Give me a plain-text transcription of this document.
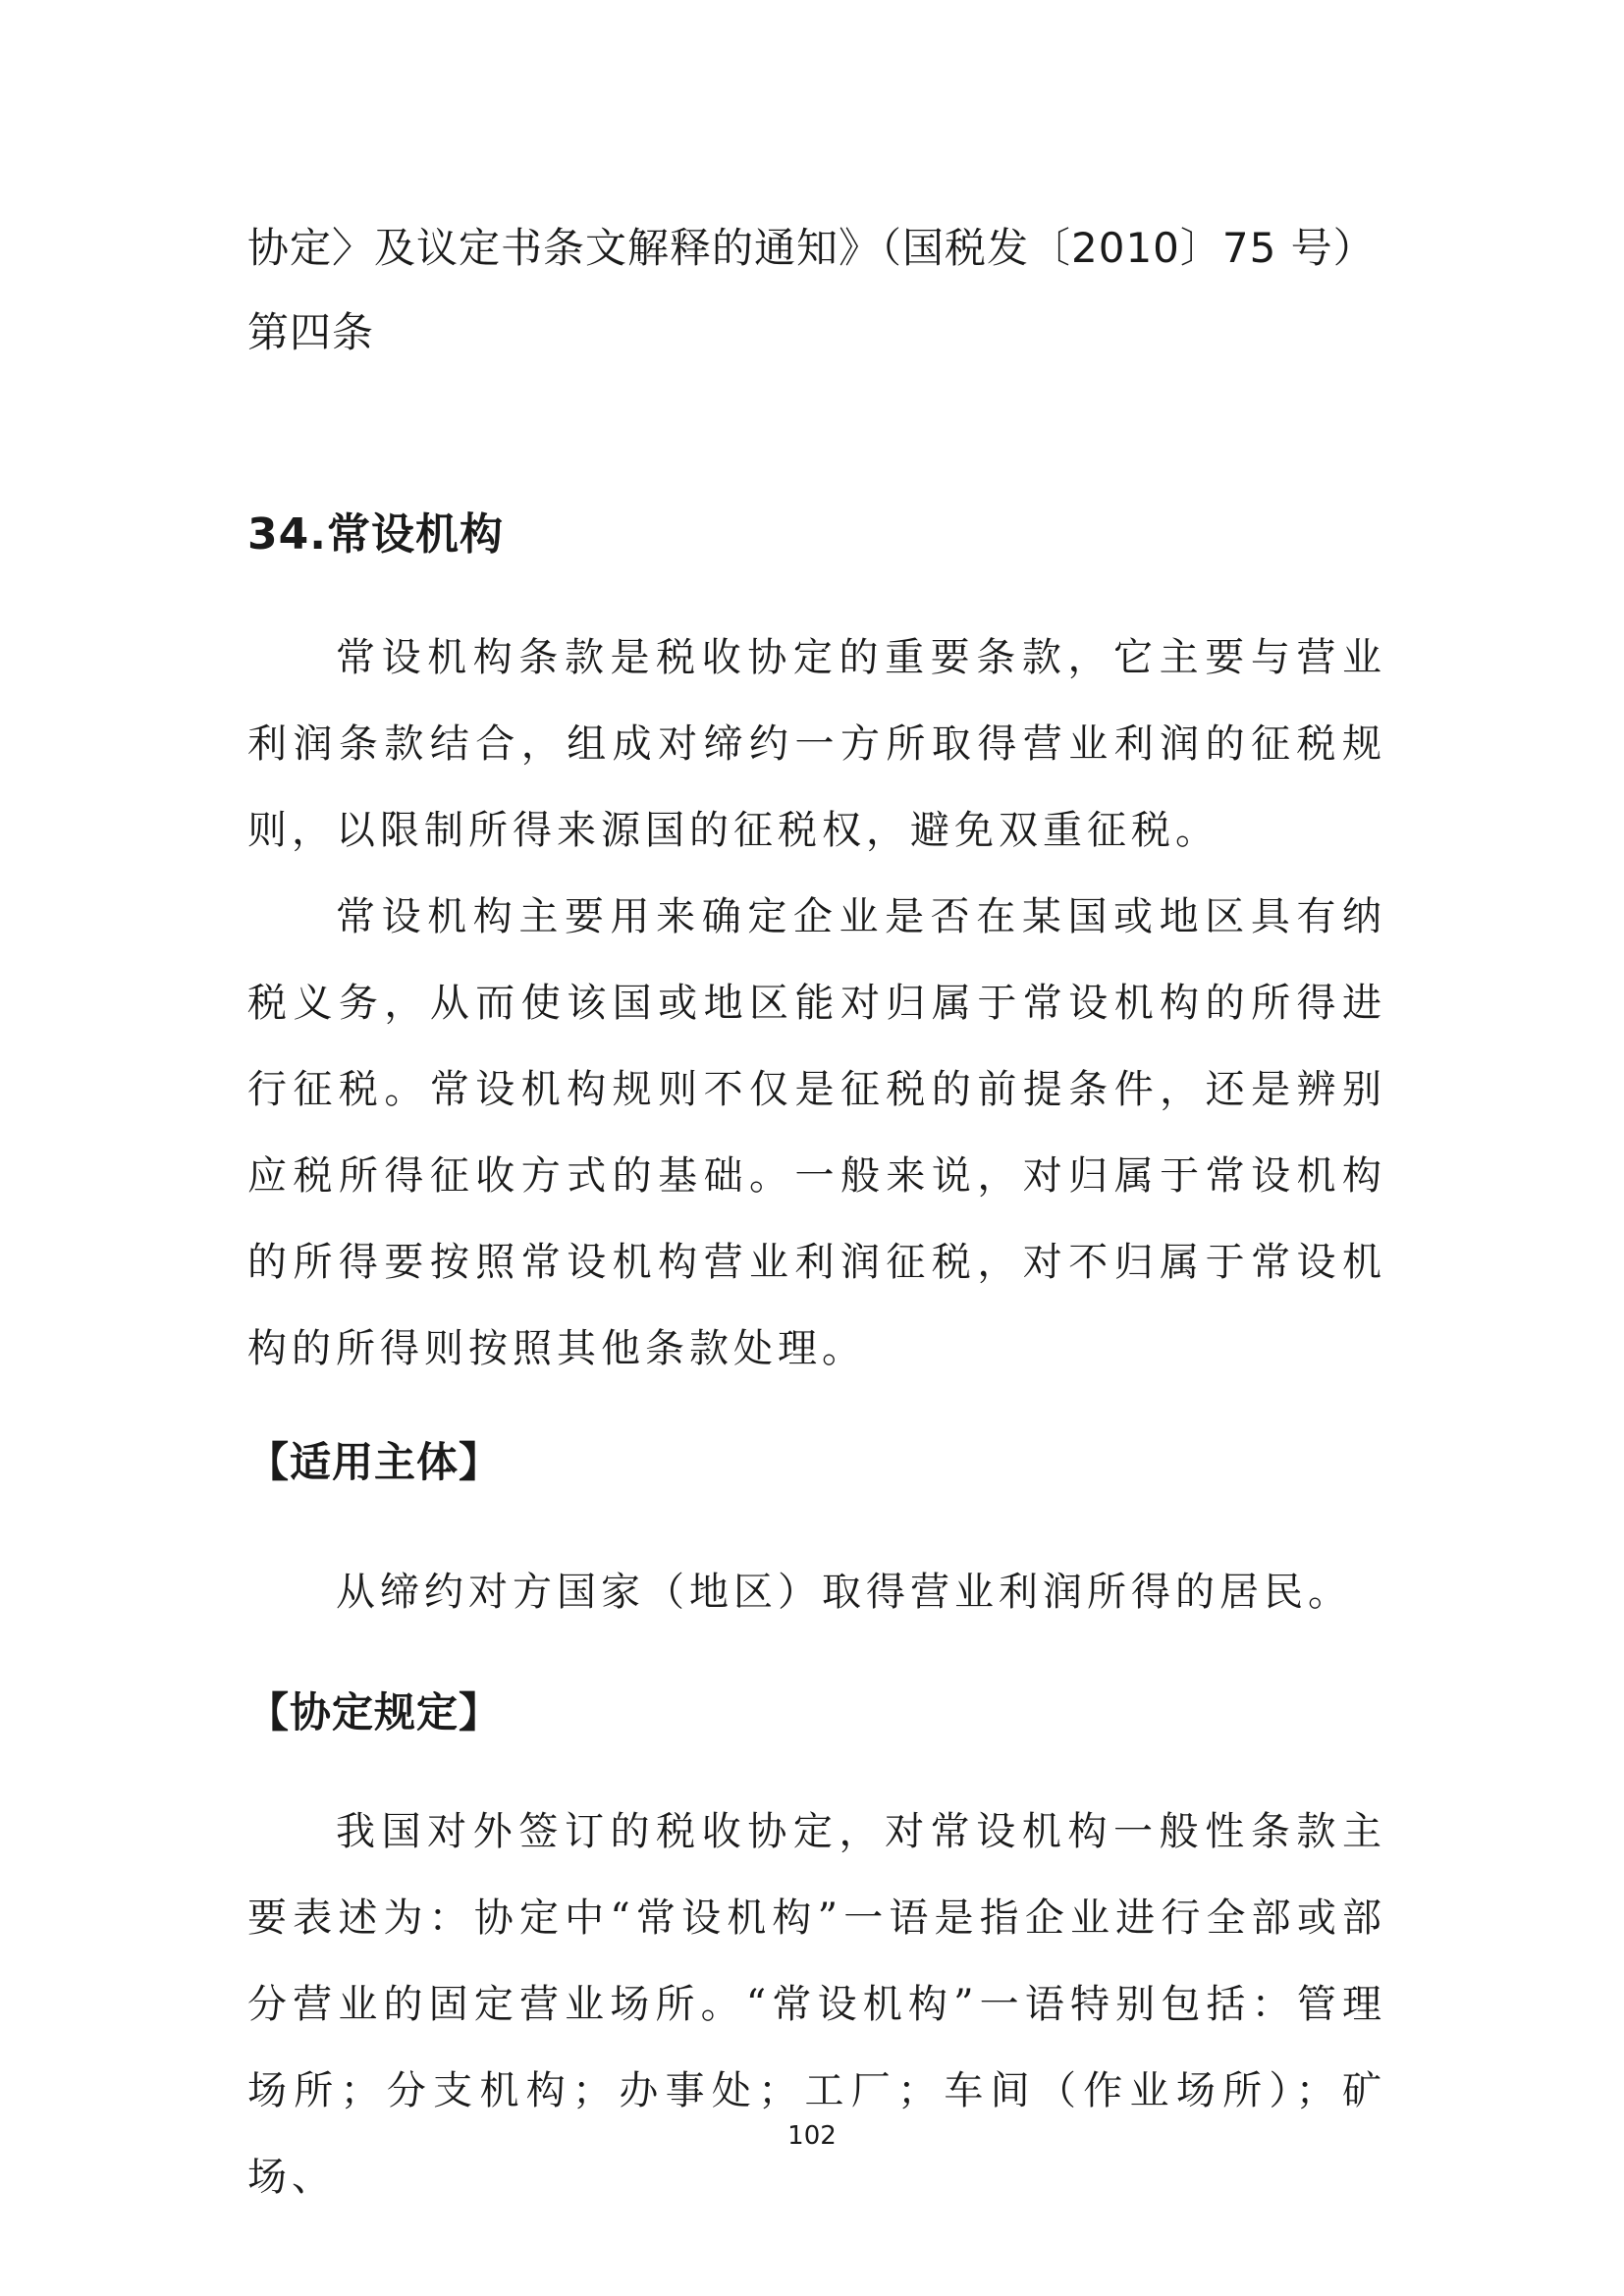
协定〉及议定书条文解释的通知》（国税发〔2010〕75 号）第四条

34.常设机构

常设机构条款是税收协定的重要条款，它主要与营业利润条款结合，组成对缔约一方所取得营业利润的征税规则，以限制所得来源国的征税权，避免双重征税。

常设机构主要用来确定企业是否在某国或地区具有纳税义务，从而使该国或地区能对归属于常设机构的所得进行征税。常设机构规则不仅是征税的前提条件，还是辨别应税所得征收方式的基础。一般来说，对归属于常设机构的所得要按照常设机构营业利润征税，对不归属于常设机构的所得则按照其他条款处理。

【适用主体】

从缔约对方国家（地区）取得营业利润所得的居民。

【协定规定】

我国对外签订的税收协定，对常设机构一般性条款主要表述为：协定中“常设机构”一语是指企业进行全部或部分营业的固定营业场所。“常设机构”一语特别包括：管理场所；分支机构；办事处；工厂；车间（作业场所）；矿场、

102
